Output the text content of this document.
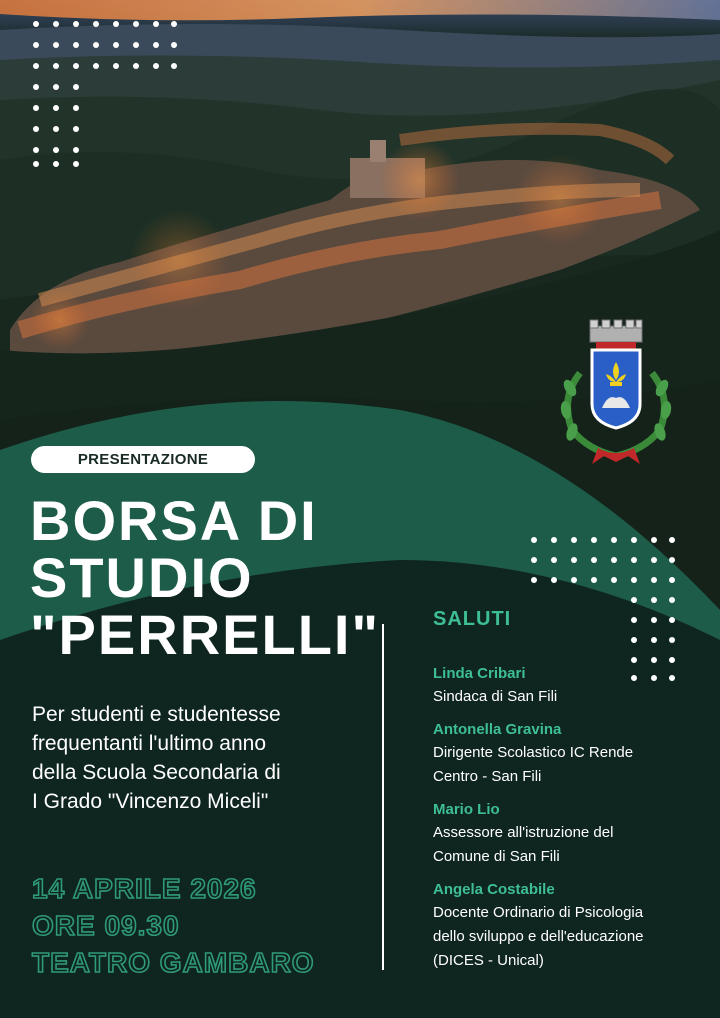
PRESENTAZIONE
BORSA DI
STUDIO
"PERRELLI"
Per studenti e studentesse
frequentanti l'ultimo anno
della Scuola Secondaria di
I Grado "Vincenzo Miceli"
14 APRILE 2026
ORE 09.30
TEATRO GAMBARO
SALUTI
Linda Cribari
Sindaca di San Fili
Antonella Gravina
Dirigente Scolastico IC Rende
Centro - San Fili
Mario Lio
Assessore all'istruzione del
Comune di San Fili
Angela Costabile
Docente Ordinario di Psicologia
dello sviluppo e dell'educazione
(DICES - Unical)
